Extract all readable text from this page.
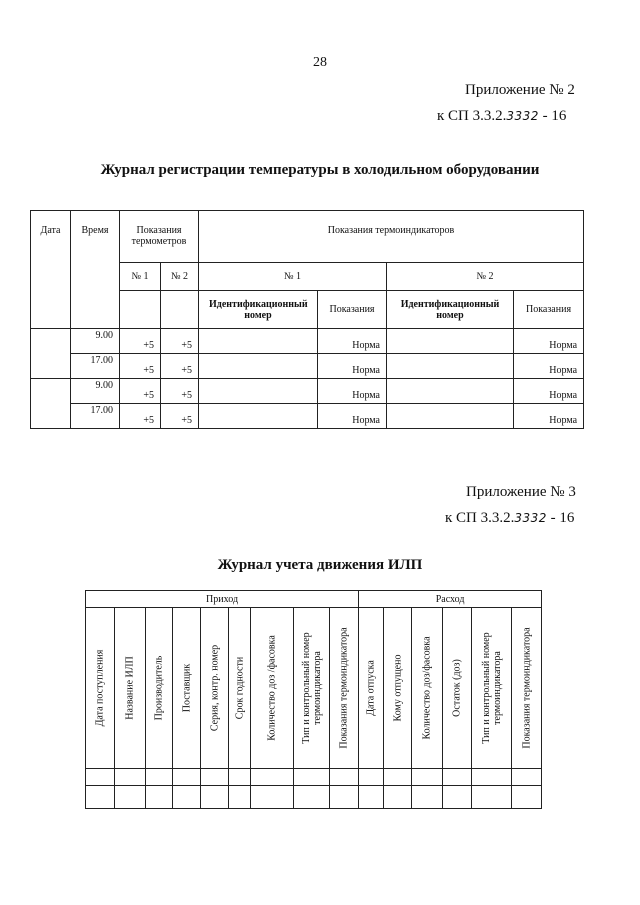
28
Приложение № 2
к СП 3.3.2.3332 - 16
Журнал регистрации температуры в холодильном оборудовании
Дата	Время	Показания термометров		Показания термоиндикаторов			
		№ 1	№ 2	№ 1		№ 2	
				Идентификационный номер	Показания	Идентификационный номер	Показания
	9.00	+5	+5		Норма		Норма
	17.00	+5	+5		Норма		Норма
	9.00	+5	+5		Норма		Норма
	17.00	+5	+5		Норма		Норма
Приложение № 3
к СП 3.3.2.3332 - 16
Журнал учета движения ИЛП
Приход									Расход					

Дата поступления	Название ИЛП	Производитель	Поставщик	Серия, контр. номер	Срок годности	Количество доз /фасовка	Тип и контрольный номер термоиндикатора	Показания термоиндикатора	Дата отпуска	Кому отпущено	Количество доз/фасовка	Остаток (доз)	Тип и контрольный номер термоиндикатора	Показания термоиндикатора
